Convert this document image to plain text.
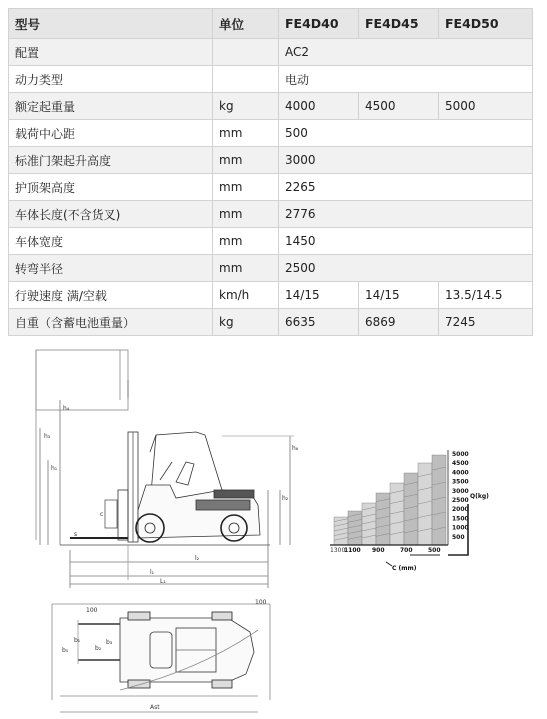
型号	单位	FE4D40	FE4D45	FE4D50
配置		AC2		
动力类型		电动		
额定起重量	kg	4000	4500	5000
载荷中心距	mm	500		
标准门架起升高度	mm	3000		
护顶架高度	mm	2265		
车体长度(不含货叉)	mm	2776		
车体宽度	mm	1450		
转弯半径	mm	2500		
行驶速度 满/空载	km/h	14/15	14/15	13.5/14.5
自重（含蓄电池重量）	kg	6635	6869	7245
h₃
h₁
h₄
c
h₆
h₂
l₂
l₁
L₁
s
5000
4500
4000
3500
3000
2500
2000
1500
1000
500
1100 900	700	500
1300
Q(kg)
C (mm)
100
100
b₁
b₂
b₃
b₅
Ast
